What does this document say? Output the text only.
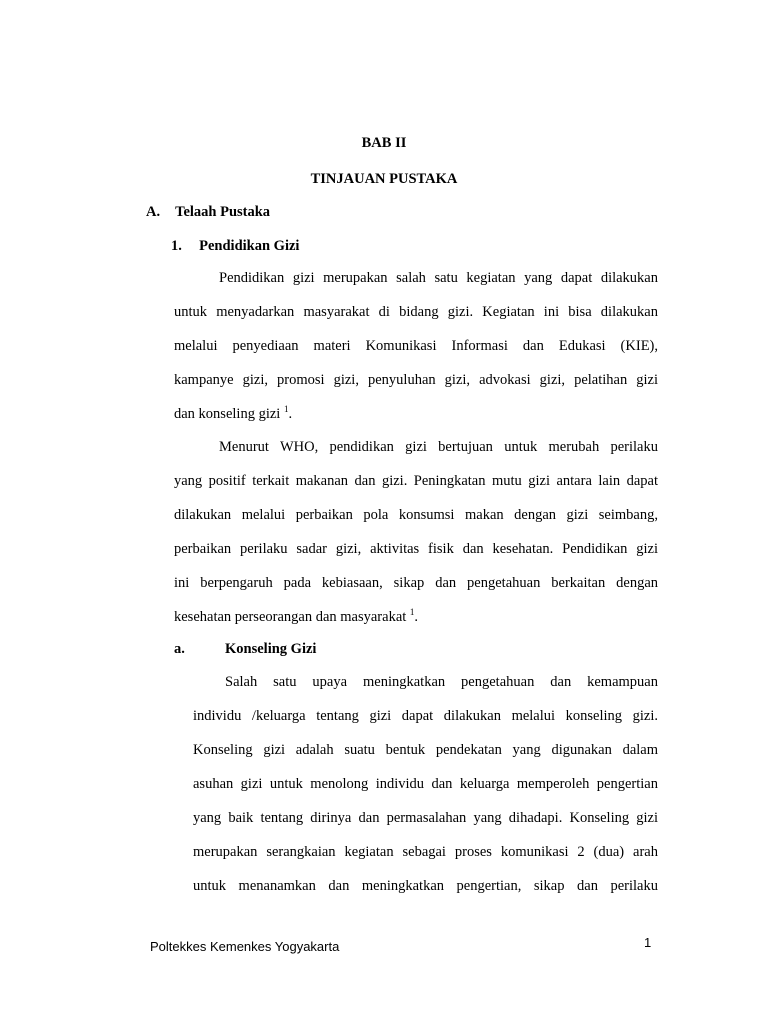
BAB II
TINJAUAN PUSTAKA
A. Telaah Pustaka
1. Pendidikan Gizi
Pendidikan gizi merupakan salah satu kegiatan yang dapat dilakukan
untuk menyadarkan masyarakat di bidang gizi. Kegiatan ini bisa dilakukan
melalui penyediaan materi Komunikasi Informasi dan Edukasi (KIE),
kampanye gizi, promosi gizi, penyuluhan gizi, advokasi gizi, pelatihan gizi
dan konseling gizi $^1$.
Menurut WHO, pendidikan gizi bertujuan untuk merubah perilaku
yang positif terkait makanan dan gizi. Peningkatan mutu gizi antara lain dapat
dilakukan melalui perbaikan pola konsumsi makan dengan gizi seimbang,
perbaikan perilaku sadar gizi, aktivitas fisik dan kesehatan. Pendidikan gizi
ini berpengaruh pada kebiasaan, sikap dan pengetahuan berkaitan dengan
kesehatan perseorangan dan masyarakat $^1$.
a.	Konseling Gizi
Salah satu upaya meningkatkan pengetahuan dan kemampuan
individu /keluarga tentang gizi dapat dilakukan melalui konseling gizi.
Konseling gizi adalah suatu bentuk pendekatan yang digunakan dalam
asuhan gizi untuk menolong individu dan keluarga memperoleh pengertian
yang baik tentang dirinya dan permasalahan yang dihadapi. Konseling gizi
merupakan serangkaian kegiatan sebagai proses komunikasi 2 (dua) arah
untuk menanamkan dan meningkatkan pengertian, sikap dan perilaku
Poltekkes Kemenkes Yogyakarta	1
